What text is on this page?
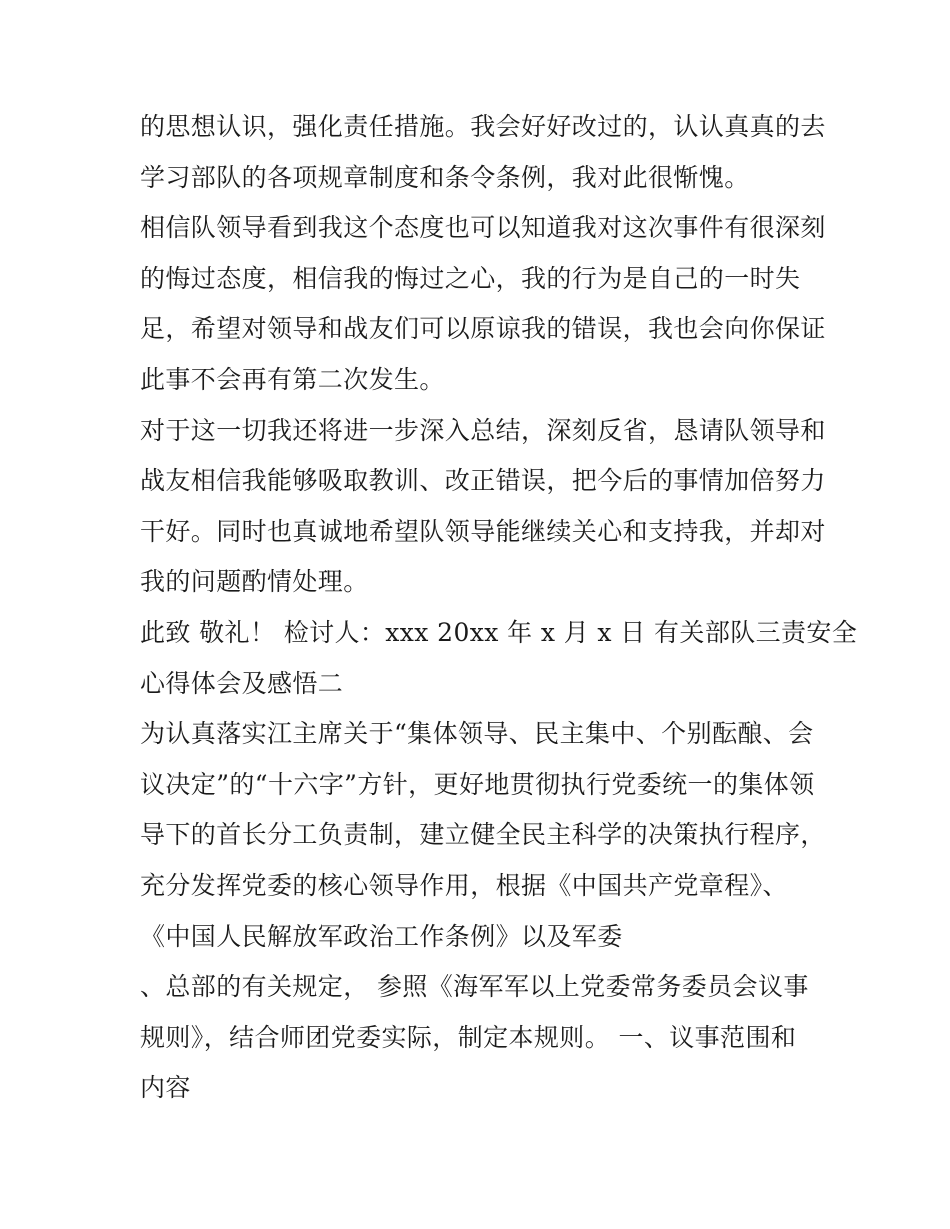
的思想认识，强化责任措施。我会好好改过的，认认真真的去
学习部队的各项规章制度和条令条例，我对此很惭愧。
相信队领导看到我这个态度也可以知道我对这次事件有很深刻
的悔过态度，相信我的悔过之心，我的行为是自己的一时失
足，希望对领导和战友们可以原谅我的错误，我也会向你保证
此事不会再有第二次发生。
对于这一切我还将进一步深入总结，深刻反省，恳请队领导和
战友相信我能够吸取教训、改正错误，把今后的事情加倍努力
干好。同时也真诚地希望队领导能继续关心和支持我，并却对
我的问题酌情处理。
此致 敬礼！ 检讨人：xxx 20xx 年 x 月 x 日 有关部队三责安全
心得体会及感悟二
为认真落实江主席关于“集体领导、民主集中、个别酝酿、会
议决定”的“十六字”方针，更好地贯彻执行党委统一的集体领
导下的首长分工负责制，建立健全民主科学的决策执行程序，
充分发挥党委的核心领导作用，根据《中国共产党章程》、
《中国人民解放军政治工作条例》以及军委
、总部的有关规定， 参照《海军军以上党委常务委员会议事
规则》，结合师团党委实际，制定本规则。 一、议事范围和
内容
